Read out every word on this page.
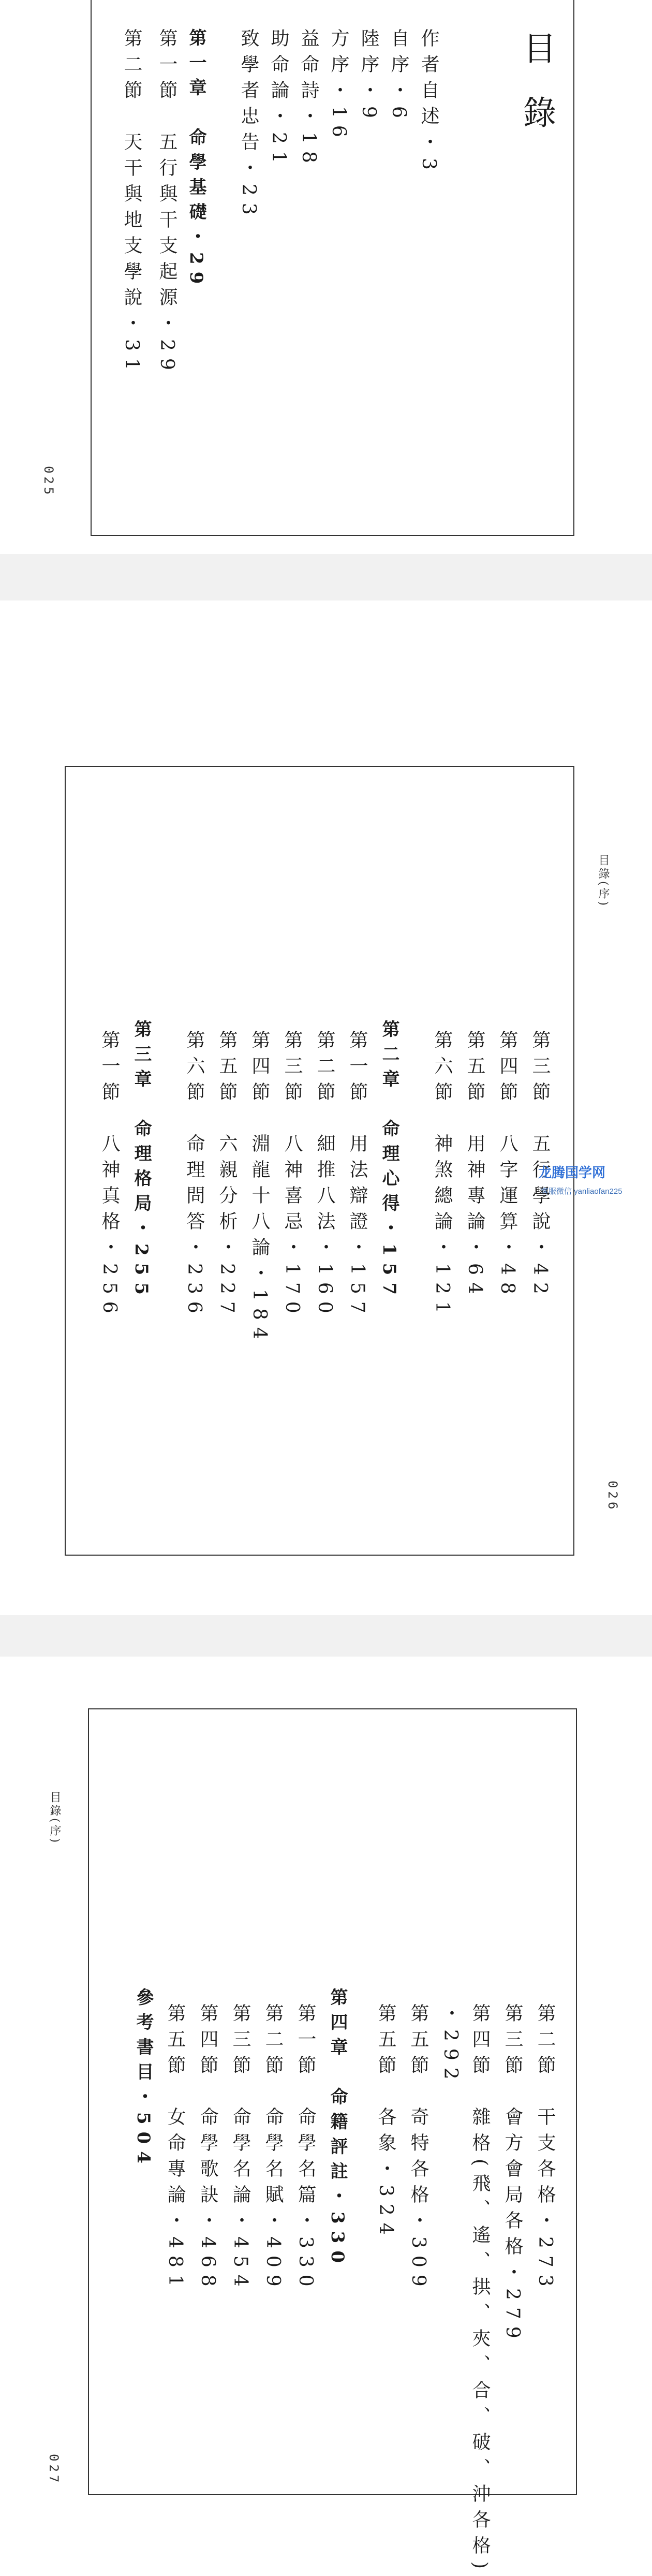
目錄
作者自述・3
自序・6
陸序・9
方序・16
益命詩・18
助命論・21
致學者忠告・23
第一章　命學基礎・29
第一節　五行與干支起源・29
第二節　天干與地支學說・31
025
第三節　五行學說・42
第四節　八字運算・48
第五節　用神專論・64
第六節　神煞總論・121
第二章　命理心得・157
第一節　用法辯證・157
第二節　細推八法・160
第三節　八神喜忌・170
第四節　淵龍十八論・184
第五節　六親分析・227
第六節　命理問答・236
第三章　命理格局・255
第一節　八神真格・256
目錄(序)
龙腾国学网
客服微信 yanliaofan225
026
第二節　干支各格・273
第三節　會方會局各格・279
第四節　雜格(飛、遙、拱、夾、合、破、沖各格)
・292
第五節　奇特各格・309
第五節　各象・324
第四章　命籍評註・330
第一節　命學名篇・330
第二節　命學名賦・409
第三節　命學名論・454
第四節　命學歌訣・468
第五節　女命專論・481
參考書目・504
目錄(序)
027
